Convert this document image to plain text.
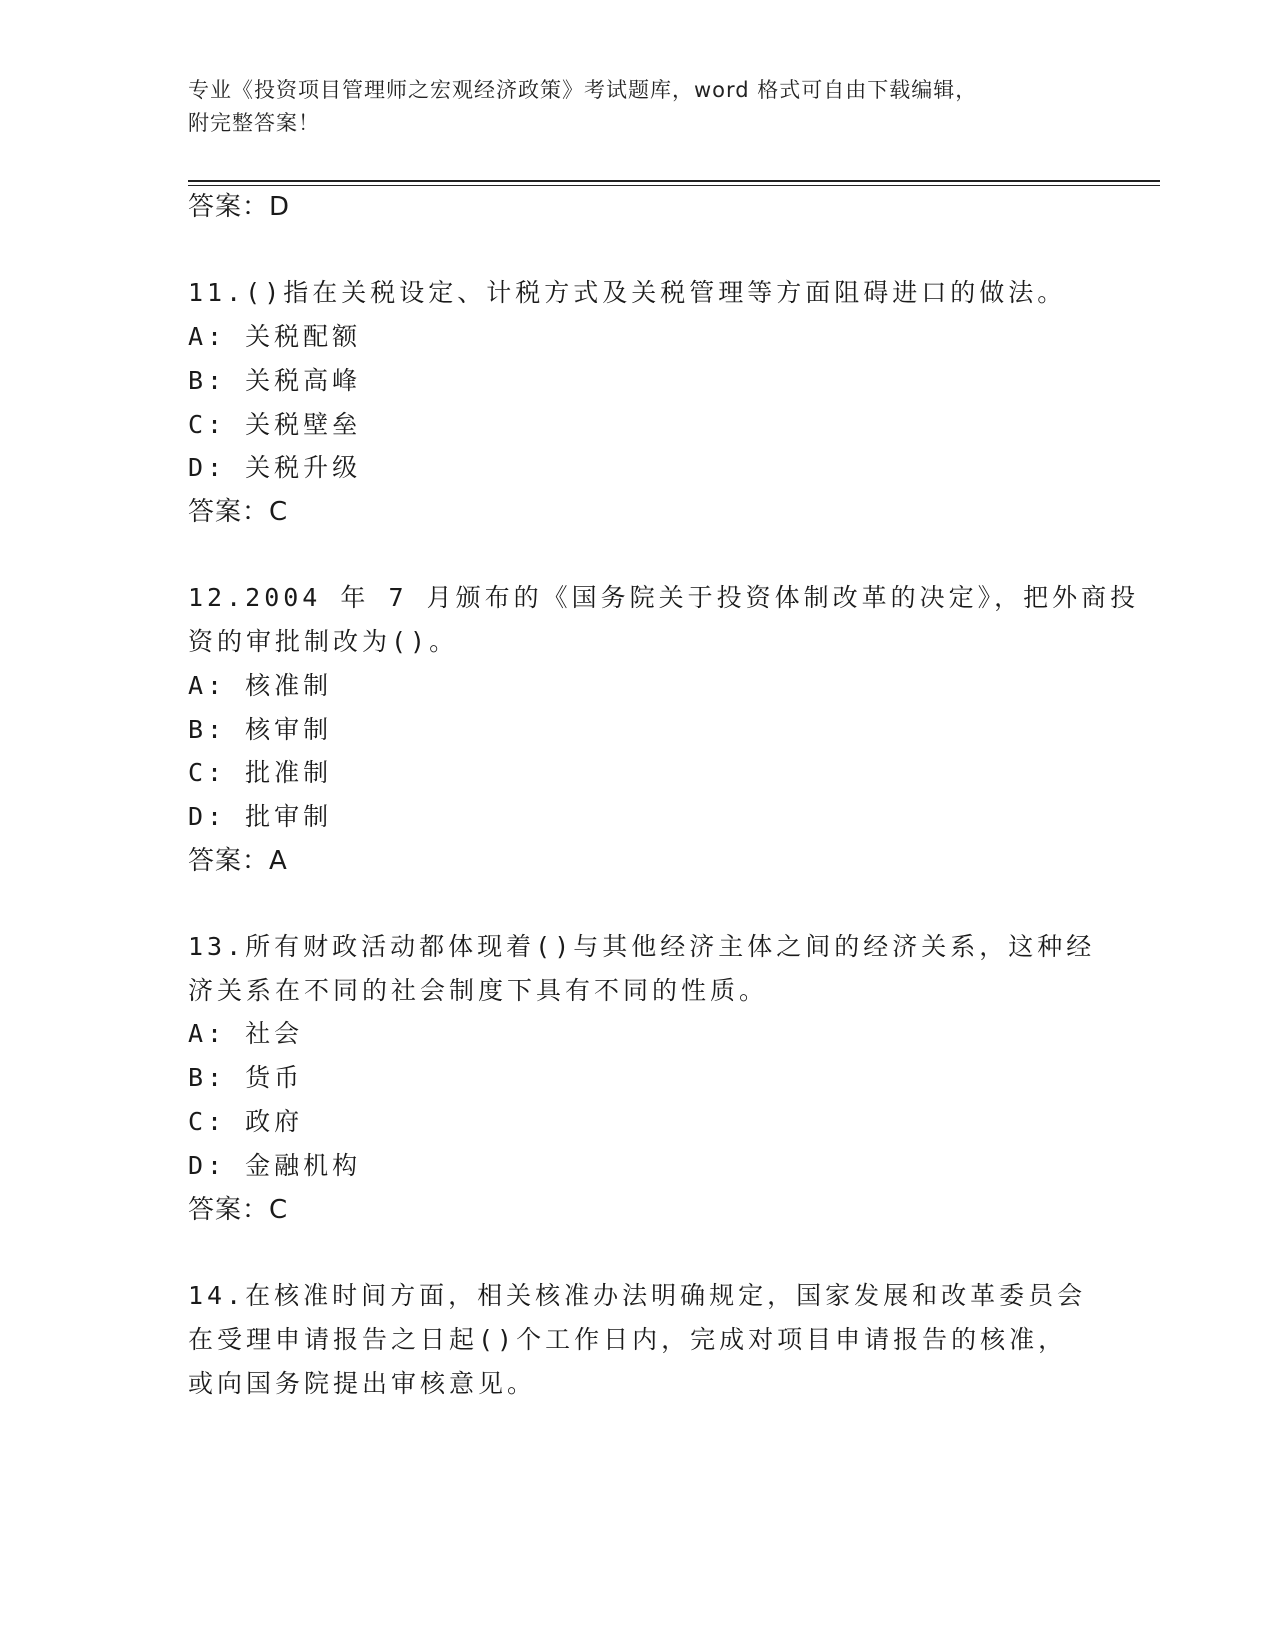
专业《投资项目管理师之宏观经济政策》考试题库，word 格式可自由下载编辑，
附完整答案！
答案：D
11.()指在关税设定、计税方式及关税管理等方面阻碍进口的做法。
A: 关税配额
B: 关税高峰
C: 关税壁垒
D: 关税升级
答案：C
12.2004 年 7 月颁布的《国务院关于投资体制改革的决定》，把外商投
资的审批制改为()。
A: 核准制
B: 核审制
C: 批准制
D: 批审制
答案：A
13.所有财政活动都体现着()与其他经济主体之间的经济关系，这种经
济关系在不同的社会制度下具有不同的性质。
A: 社会
B: 货币
C: 政府
D: 金融机构
答案：C
14.在核准时间方面，相关核准办法明确规定，国家发展和改革委员会
在受理申请报告之日起()个工作日内，完成对项目申请报告的核准，
或向国务院提出审核意见。
